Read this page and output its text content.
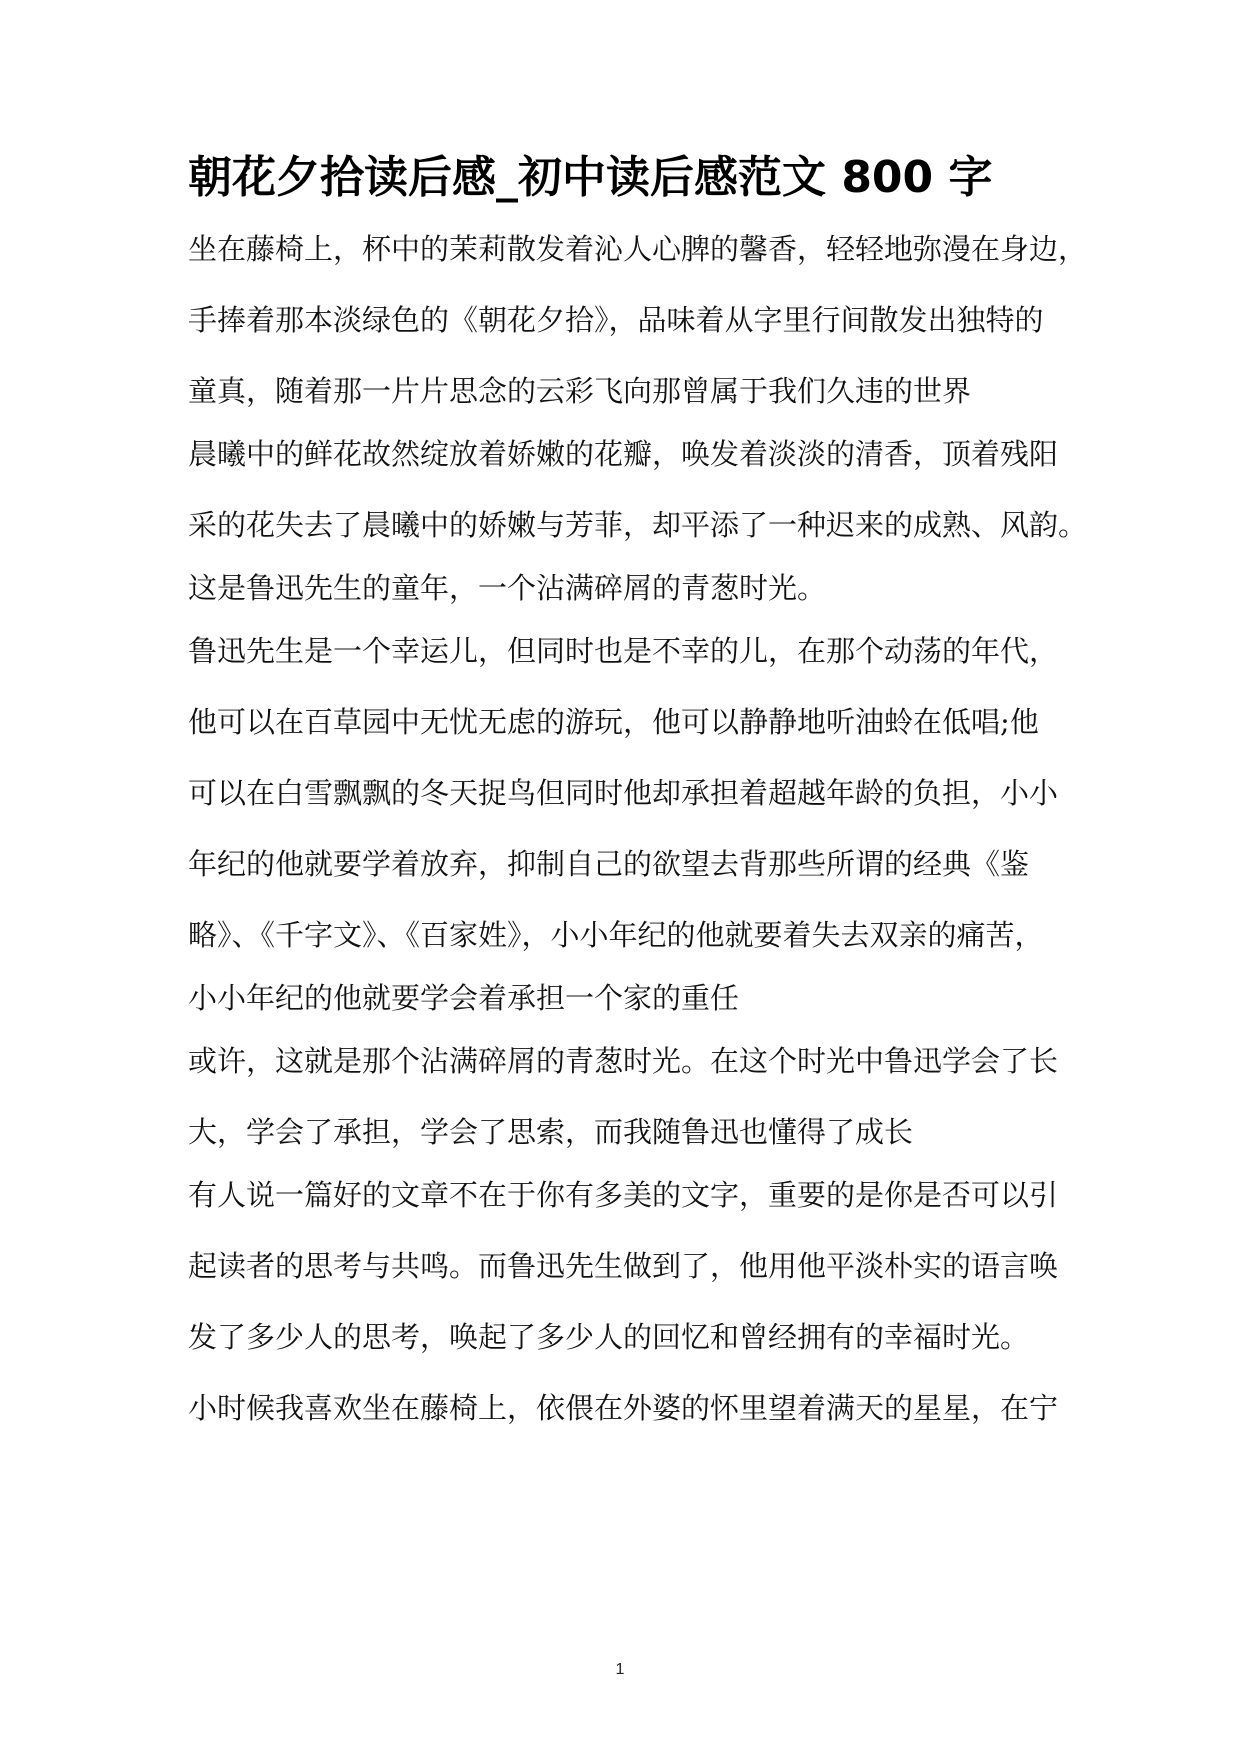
朝花夕拾读后感_初中读后感范文 800 字
坐在藤椅上，杯中的茉莉散发着沁人心脾的馨香，轻轻地弥漫在身边，
手捧着那本淡绿色的《朝花夕拾》，品味着从字里行间散发出独特的
童真，随着那一片片思念的云彩飞向那曾属于我们久违的世界
晨曦中的鲜花故然绽放着娇嫩的花瓣，唤发着淡淡的清香，顶着残阳
采的花失去了晨曦中的娇嫩与芳菲，却平添了一种迟来的成熟、风韵。
这是鲁迅先生的童年，一个沾满碎屑的青葱时光。
鲁迅先生是一个幸运儿，但同时也是不幸的儿，在那个动荡的年代，
他可以在百草园中无忧无虑的游玩，他可以静静地听油蛉在低唱;他
可以在白雪飘飘的冬天捉鸟但同时他却承担着超越年龄的负担，小小
年纪的他就要学着放弃，抑制自己的欲望去背那些所谓的经典《鉴
略》、《千字文》、《百家姓》，小小年纪的他就要着失去双亲的痛苦，
小小年纪的他就要学会着承担一个家的重任
或许，这就是那个沾满碎屑的青葱时光。在这个时光中鲁迅学会了长
大，学会了承担，学会了思索，而我随鲁迅也懂得了成长
有人说一篇好的文章不在于你有多美的文字，重要的是你是否可以引
起读者的思考与共鸣。而鲁迅先生做到了，他用他平淡朴实的语言唤
发了多少人的思考，唤起了多少人的回忆和曾经拥有的幸福时光。
小时候我喜欢坐在藤椅上，依偎在外婆的怀里望着满天的星星，在宁
1
